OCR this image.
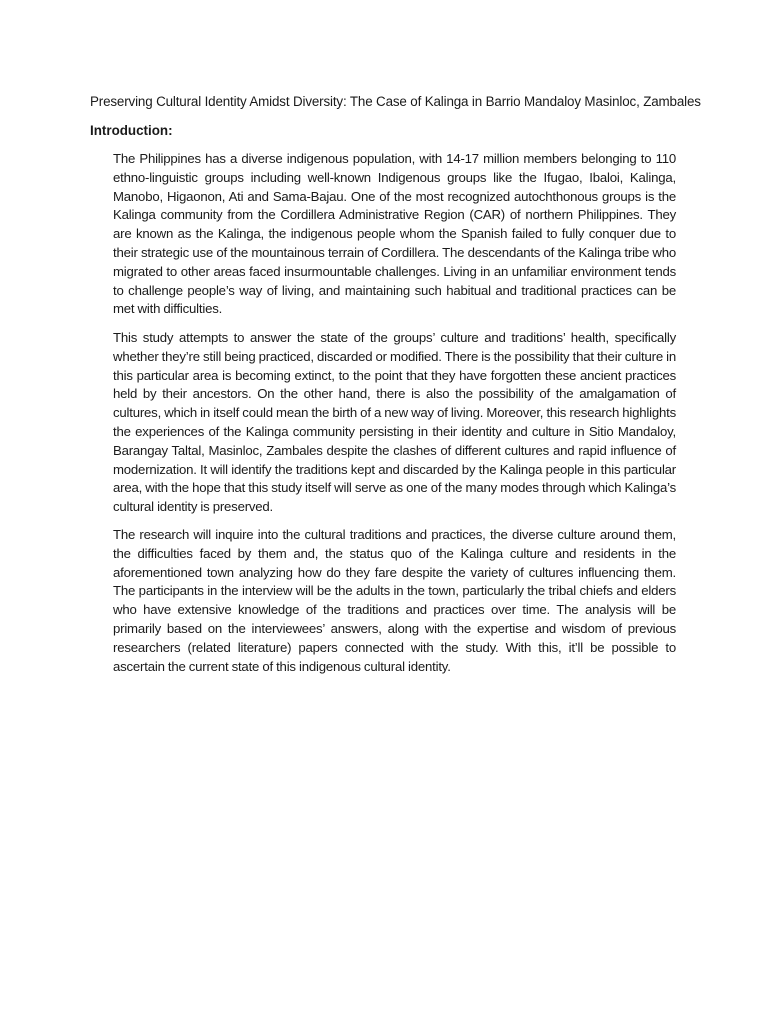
Preserving Cultural Identity Amidst Diversity: The Case of Kalinga in Barrio Mandaloy Masinloc, Zambales
Introduction:

The Philippines has a diverse indigenous population, with 14-17 million members belonging to 110 ethno-linguistic groups including well-known Indigenous groups like the Ifugao, Ibaloi, Kalinga, Manobo, Higaonon, Ati and Sama-Bajau. One of the most recognized autochthonous groups is the Kalinga community from the Cordillera Administrative Region (CAR) of northern Philippines. They are known as the Kalinga, the indigenous people whom the Spanish failed to fully conquer due to their strategic use of the mountainous terrain of Cordillera. The descendants of the Kalinga tribe who migrated to other areas faced insurmountable challenges. Living in an unfamiliar environment tends to challenge people’s way of living, and maintaining such habitual and traditional practices can be met with difficulties.

This study attempts to answer the state of the groups’ culture and traditions’ health, specifically whether they’re still being practiced, discarded or modified. There is the possibility that their culture in this particular area is becoming extinct, to the point that they have forgotten these ancient practices held by their ancestors. On the other hand, there is also the possibility of the amalgamation of cultures, which in itself could mean the birth of a new way of living. Moreover, this research highlights the experiences of the Kalinga community persisting in their identity and culture in Sitio Mandaloy, Barangay Taltal, Masinloc, Zambales despite the clashes of different cultures and rapid influence of modernization. It will identify the traditions kept and discarded by the Kalinga people in this particular area, with the hope that this study itself will serve as one of the many modes through which Kalinga’s cultural identity is preserved.

The research will inquire into the cultural traditions and practices, the diverse culture around them, the difficulties faced by them and, the status quo of the Kalinga culture and residents in the aforementioned town analyzing how do they fare despite the variety of cultures influencing them. The participants in the interview will be the adults in the town, particularly the tribal chiefs and elders who have extensive knowledge of the traditions and practices over time. The analysis will be primarily based on the interviewees’ answers, along with the expertise and wisdom of previous researchers (related literature) papers connected with the study. With this, it’ll be possible to ascertain the current state of this indigenous cultural identity.
